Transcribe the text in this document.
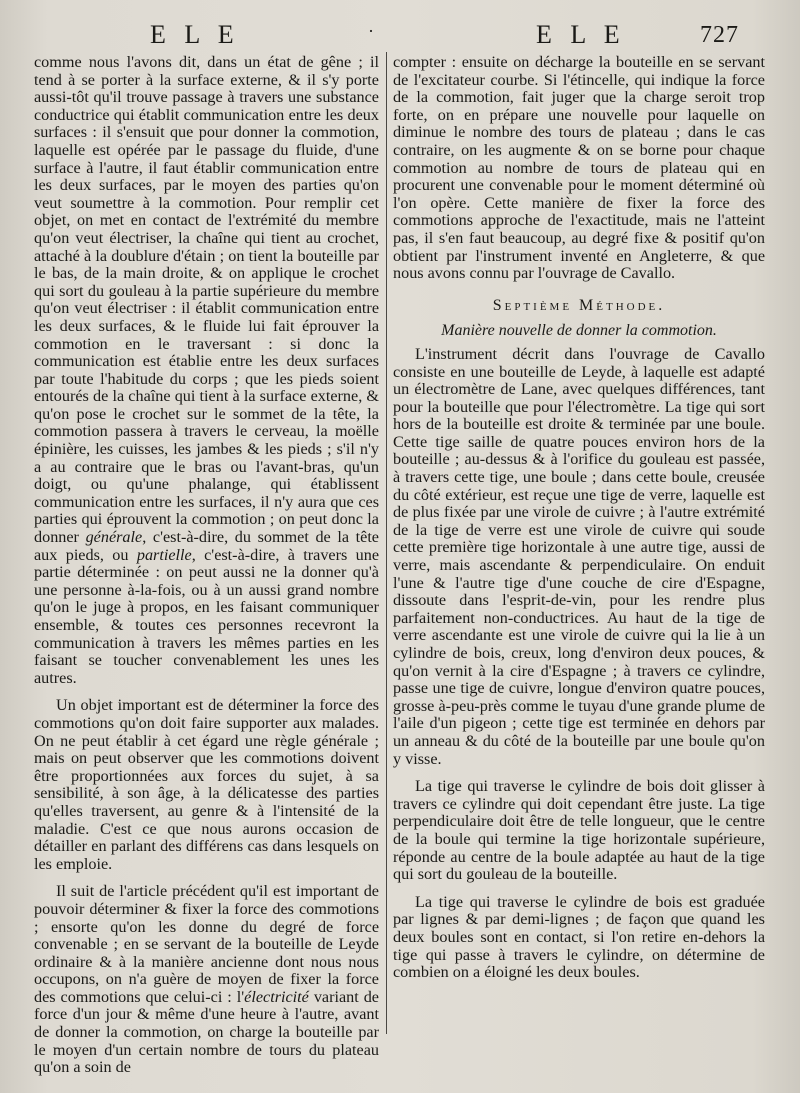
E L E	·	E L E	727

comme nous l'avons dit, dans un état de gêne ; il tend à se porter à la surface externe, & il s'y porte aussi-tôt qu'il trouve passage à travers une substance conductrice qui établit communication entre les deux surfaces : il s'ensuit que pour donner la commotion, laquelle est opérée par le passage du fluide, d'une surface à l'autre, il faut établir communication entre les deux surfaces, par le moyen des parties qu'on veut soumettre à la commotion. Pour remplir cet objet, on met en contact de l'extrémité du membre qu'on veut électriser, la chaîne qui tient au crochet, attaché à la doublure d'étain ; on tient la bouteille par le bas, de la main droite, & on applique le crochet qui sort du gouleau à la partie supérieure du membre qu'on veut électriser : il établit communication entre les deux surfaces, & le fluide lui fait éprouver la commotion en le traversant : si donc la communication est établie entre les deux surfaces par toute l'habitude du corps ; que les pieds soient entourés de la chaîne qui tient à la surface externe, & qu'on pose le crochet sur le sommet de la tête, la commotion passera à travers le cerveau, la moëlle épinière, les cuisses, les jambes & les pieds ; s'il n'y a au contraire que le bras ou l'avant-bras, qu'un doigt, ou qu'une phalange, qui établissent communication entre les surfaces, il n'y aura que ces parties qui éprouvent la commotion ; on peut donc la donner générale, c'est-à-dire, du sommet de la tête aux pieds, ou partielle, c'est-à-dire, à travers une partie déterminée : on peut aussi ne la donner qu'à une personne à-la-fois, ou à un aussi grand nombre qu'on le juge à propos, en les faisant communiquer ensemble, & toutes ces personnes recevront la communication à travers les mêmes parties en les faisant se toucher convenablement les unes les autres.

Un objet important est de déterminer la force des commotions qu'on doit faire supporter aux malades. On ne peut établir à cet égard une règle générale ; mais on peut observer que les commotions doivent être proportionnées aux forces du sujet, à sa sensibilité, à son âge, à la délicatesse des parties qu'elles traversent, au genre & à l'intensité de la maladie. C'est ce que nous aurons occasion de détailler en parlant des différens cas dans lesquels on les emploie.

Il suit de l'article précédent qu'il est important de pouvoir déterminer & fixer la force des commotions ; ensorte qu'on les donne du degré de force convenable ; en se servant de la bouteille de Leyde ordinaire & à la manière ancienne dont nous nous occupons, on n'a guère de moyen de fixer la force des commotions que celui-ci : l'électricité variant de force d'un jour & même d'une heure à l'autre, avant de donner la commotion, on charge la bouteille par le moyen d'un certain nombre de tours du plateau qu'on a soin de

compter : ensuite on décharge la bouteille en se servant de l'excitateur courbe. Si l'étincelle, qui indique la force de la commotion, fait juger que la charge seroit trop forte, on en prépare une nouvelle pour laquelle on diminue le nombre des tours de plateau ; dans le cas contraire, on les augmente & on se borne pour chaque commotion au nombre de tours de plateau qui en procurent une convenable pour le moment déterminé où l'on opère. Cette manière de fixer la force des commotions approche de l'exactitude, mais ne l'atteint pas, il s'en faut beaucoup, au degré fixe & positif qu'on obtient par l'instrument inventé en Angleterre, & que nous avons connu par l'ouvrage de Cavallo.

Septième Méthode.
Manière nouvelle de donner la commotion.

L'instrument décrit dans l'ouvrage de Cavallo consiste en une bouteille de Leyde, à laquelle est adapté un électromètre de Lane, avec quelques différences, tant pour la bouteille que pour l'électromètre. La tige qui sort hors de la bouteille est droite & terminée par une boule. Cette tige saille de quatre pouces environ hors de la bouteille ; au-dessus & à l'orifice du gouleau est passée, à travers cette tige, une boule ; dans cette boule, creusée du côté extérieur, est reçue une tige de verre, laquelle est de plus fixée par une virole de cuivre ; à l'autre extrémité de la tige de verre est une virole de cuivre qui soude cette première tige horizontale à une autre tige, aussi de verre, mais ascendante & perpendiculaire. On enduit l'une & l'autre tige d'une couche de cire d'Espagne, dissoute dans l'esprit-de-vin, pour les rendre plus parfaitement non-conductrices. Au haut de la tige de verre ascendante est une virole de cuivre qui la lie à un cylindre de bois, creux, long d'environ deux pouces, & qu'on vernit à la cire d'Espagne ; à travers ce cylindre, passe une tige de cuivre, longue d'environ quatre pouces, grosse à-peu-près comme le tuyau d'une grande plume de l'aile d'un pigeon ; cette tige est terminée en dehors par un anneau & du côté de la bouteille par une boule qu'on y visse.

La tige qui traverse le cylindre de bois doit glisser à travers ce cylindre qui doit cependant être juste. La tige perpendiculaire doit être de telle longueur, que le centre de la boule qui termine la tige horizontale supérieure, réponde au centre de la boule adaptée au haut de la tige qui sort du gouleau de la bouteille.

La tige qui traverse le cylindre de bois est graduée par lignes & par demi-lignes ; de façon que quand les deux boules sont en contact, si l'on retire en-dehors la tige qui passe à travers le cylindre, on détermine de combien on a éloigné les deux boules.
